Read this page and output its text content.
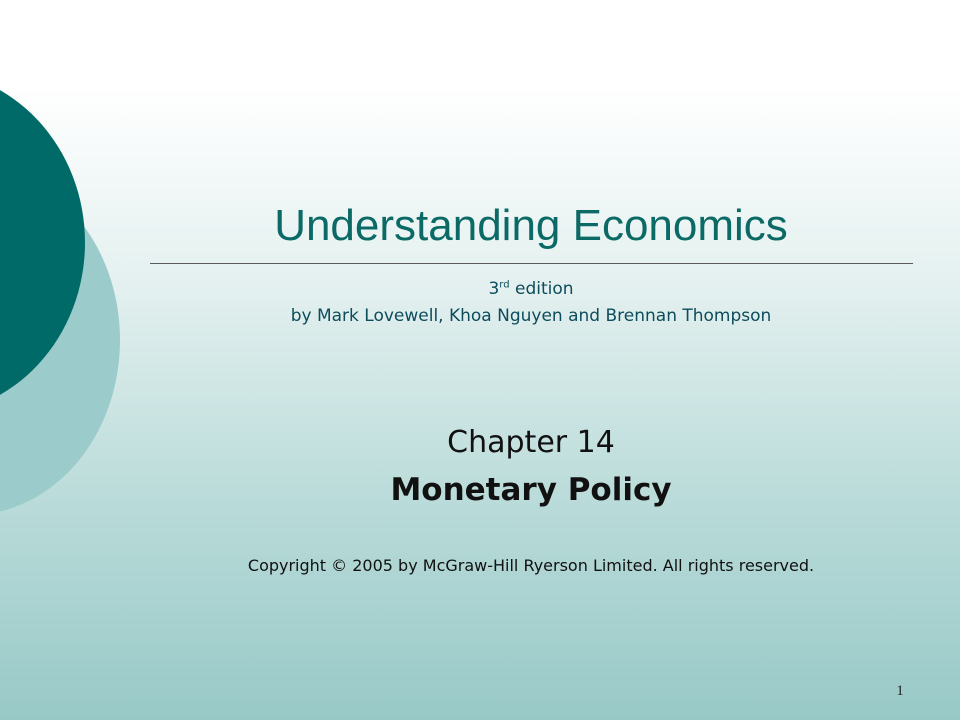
Understanding Economics
3rd edition
by Mark Lovewell, Khoa Nguyen and Brennan Thompson
Chapter 14
Monetary Policy
Copyright © 2005 by McGraw-Hill Ryerson Limited. All rights reserved.
1
